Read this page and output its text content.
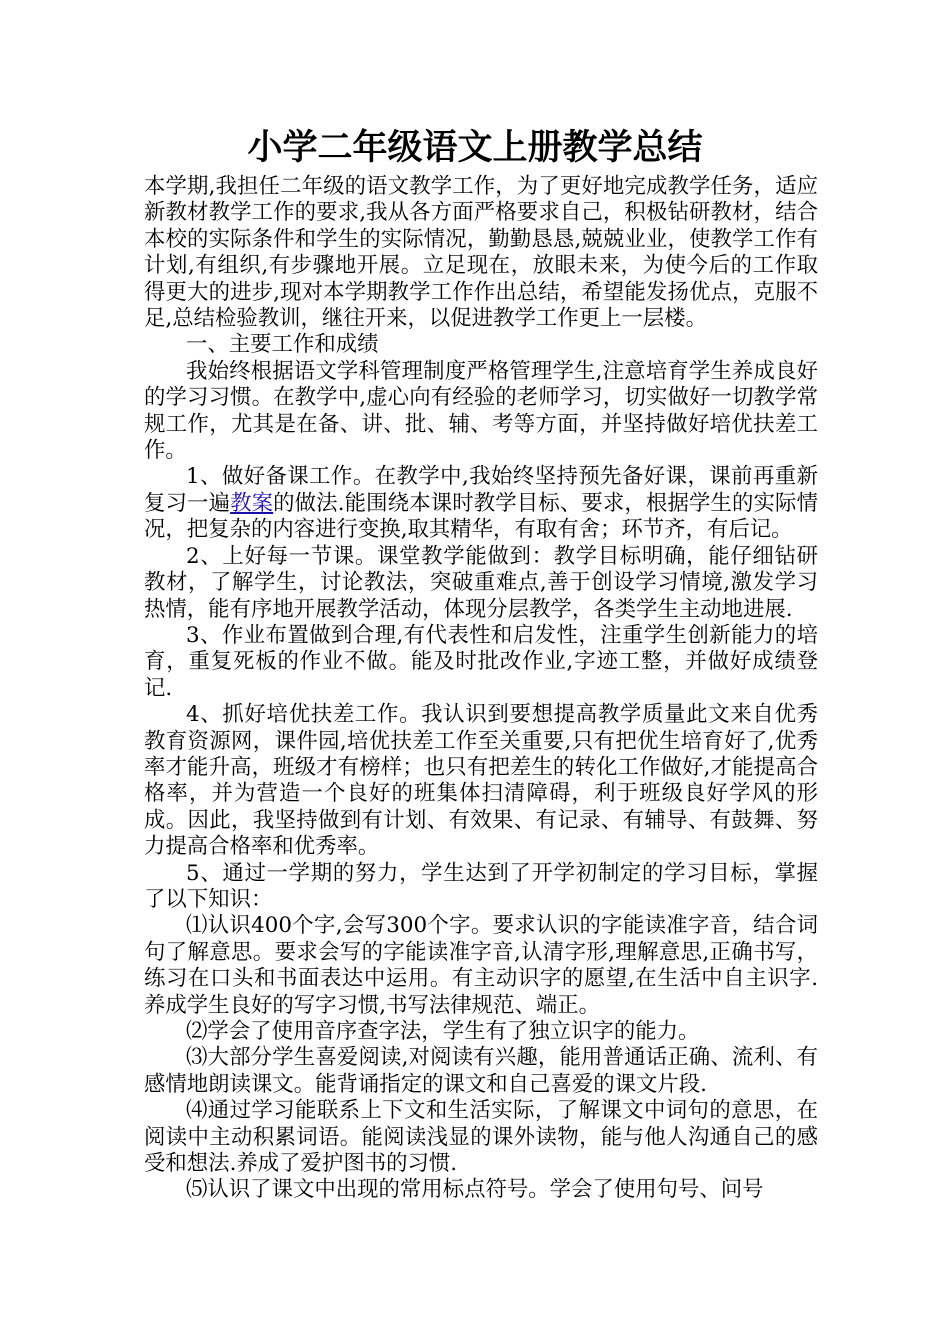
小学二年级语文上册教学总结

本学期,我担任二年级的语文教学工作，为了更好地完成教学任务，适应新教材教学工作的要求,我从各方面严格要求自己，积极钻研教材，结合本校的实际条件和学生的实际情况，勤勤恳恳,兢兢业业，使教学工作有计划,有组织,有步骤地开展。立足现在，放眼未来，为使今后的工作取得更大的进步,现对本学期教学工作作出总结，希望能发扬优点，克服不足,总结检验教训，继往开来，以促进教学工作更上一层楼。

一、主要工作和成绩

我始终根据语文学科管理制度严格管理学生,注意培育学生养成良好的学习习惯。在教学中,虚心向有经验的老师学习，切实做好一切教学常规工作，尤其是在备、讲、批、辅、考等方面，并坚持做好培优扶差工作。

1、做好备课工作。在教学中,我始终坚持预先备好课，课前再重新复习一遍教案的做法.能围绕本课时教学目标、要求，根据学生的实际情况，把复杂的内容进行变换,取其精华，有取有舍；环节齐，有后记。

2、上好每一节课。课堂教学能做到：教学目标明确，能仔细钻研教材，了解学生，讨论教法，突破重难点,善于创设学习情境,激发学习热情，能有序地开展教学活动，体现分层教学，各类学生主动地进展.

3、作业布置做到合理,有代表性和启发性，注重学生创新能力的培育，重复死板的作业不做。能及时批改作业,字迹工整，并做好成绩登记.

4、抓好培优扶差工作。我认识到要想提高教学质量此文来自优秀教育资源网，课件园,培优扶差工作至关重要,只有把优生培育好了,优秀率才能升高，班级才有榜样；也只有把差生的转化工作做好,才能提高合格率，并为营造一个良好的班集体扫清障碍，利于班级良好学风的形成。因此，我坚持做到有计划、有效果、有记录、有辅导、有鼓舞、努力提高合格率和优秀率。

5、通过一学期的努力，学生达到了开学初制定的学习目标，掌握了以下知识：

⑴认识400个字,会写300个字。要求认识的字能读准字音，结合词句了解意思。要求会写的字能读准字音,认清字形,理解意思,正确书写，练习在口头和书面表达中运用。有主动识字的愿望,在生活中自主识字.养成学生良好的写字习惯,书写法律规范、端正。

⑵学会了使用音序查字法，学生有了独立识字的能力。

⑶大部分学生喜爱阅读,对阅读有兴趣，能用普通话正确、流利、有感情地朗读课文。能背诵指定的课文和自己喜爱的课文片段.

⑷通过学习能联系上下文和生活实际，了解课文中词句的意思，在阅读中主动积累词语。能阅读浅显的课外读物，能与他人沟通自己的感受和想法.养成了爱护图书的习惯.

⑸认识了课文中出现的常用标点符号。学会了使用句号、问号
